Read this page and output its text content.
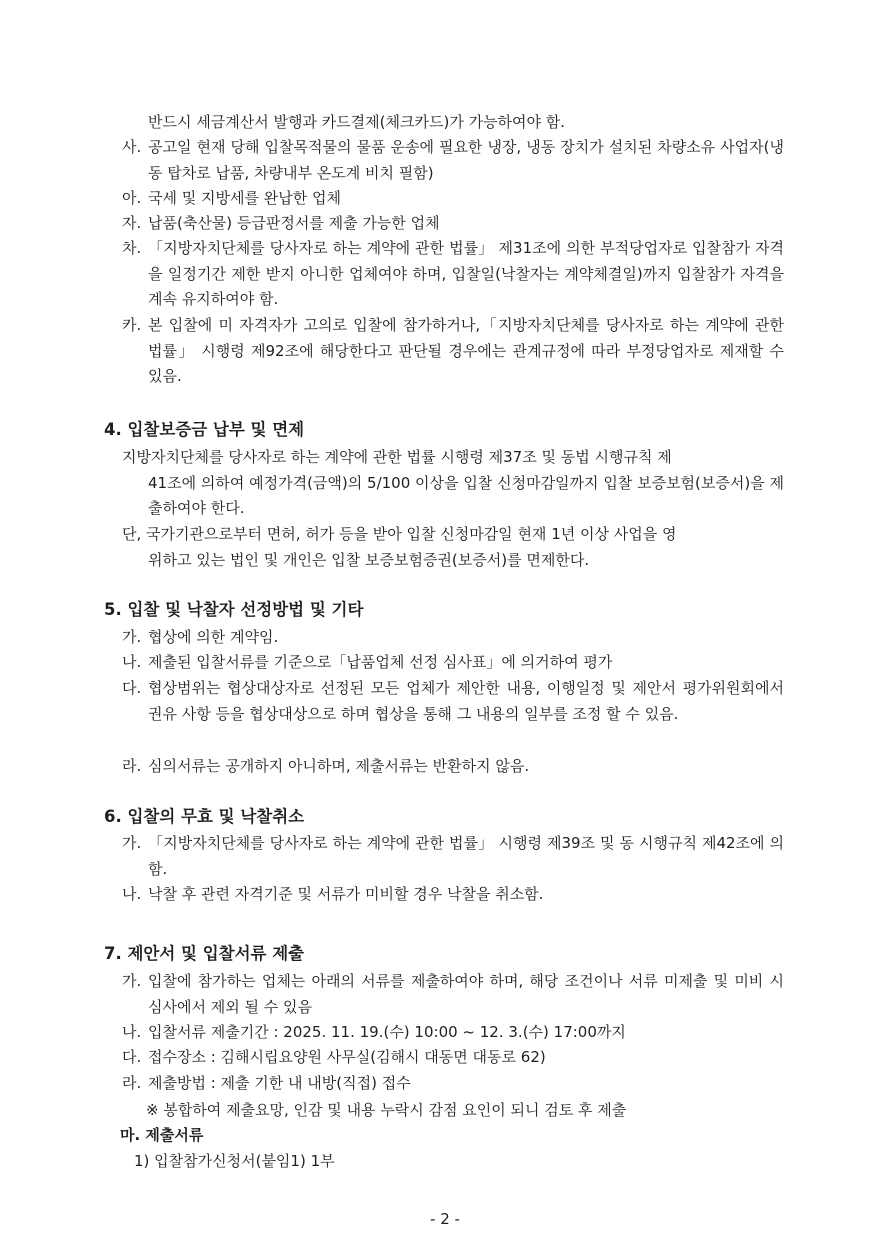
반드시 세금계산서 발행과 카드결제(체크카드)가 가능하여야 함.
사. 공고일 현재 당해 입찰목적물의 물품 운송에 필요한 냉장, 냉동 장치가 설치된 차량소유 사업자(냉동 탑차로 납품, 차량내부 온도계 비치 필함)
아. 국세 및 지방세를 완납한 업체
자. 납품(축산물) 등급판정서를 제출 가능한 업체
차. 「지방자치단체를 당사자로 하는 계약에 관한 법률」 제31조에 의한 부적당업자로 입찰참가 자격을 일정기간 제한 받지 아니한 업체여야 하며, 입찰일(낙찰자는 계약체결일)까지 입찰참가 자격을 계속 유지하여야 함.
카. 본 입찰에 미 자격자가 고의로 입찰에 참가하거나,「지방자치단체를 당사자로 하는 계약에 관한 법률」 시행령 제92조에 해당한다고 판단될 경우에는 관계규정에 따라 부정당업자로 제재할 수 있음.
4. 입찰보증금 납부 및 면제
지방자치단체를 당사자로 하는 계약에 관한 법률 시행령 제37조 및 동법 시행규칙 제
41조에 의하여 예정가격(금액)의 5/100 이상을 입찰 신청마감일까지 입찰 보증보험(보증서)을 제출하여야 한다.
단, 국가기관으로부터 면허, 허가 등을 받아 입찰 신청마감일 현재 1년 이상 사업을 영
위하고 있는 법인 및 개인은 입찰 보증보험증권(보증서)를 면제한다.
5. 입찰 및 낙찰자 선정방법 및 기타
가. 협상에 의한 계약임.
나. 제출된 입찰서류를 기준으로「납품업체 선정 심사표」에 의거하여 평가
다. 협상범위는 협상대상자로 선정된 모든 업체가 제안한 내용, 이행일정 및 제안서 평가위원회에서 권유 사항 등을 협상대상으로 하며 협상을 통해 그 내용의 일부를 조정 할 수 있음.
라. 심의서류는 공개하지 아니하며, 제출서류는 반환하지 않음.
6. 입찰의 무효 및 낙찰취소
가. 「지방자치단체를 당사자로 하는 계약에 관한 법률」 시행령 제39조 및 동 시행규칙 제42조에 의함.
나. 낙찰 후 관련 자격기준 및 서류가 미비할 경우 낙찰을 취소함.
7. 제안서 및 입찰서류 제출
가. 입찰에 참가하는 업체는 아래의 서류를 제출하여야 하며, 해당 조건이나 서류 미제출 및 미비 시 심사에서 제외 될 수 있음
나. 입찰서류 제출기간 : 2025. 11. 19.(수) 10:00 ~ 12. 3.(수) 17:00까지
다. 접수장소 : 김해시립요양원 사무실(김해시 대동면 대동로 62)
라. 제출방법 : 제출 기한 내 내방(직접) 접수
※ 봉합하여 제출요망, 인감 및 내용 누락시 감점 요인이 되니 검토 후 제출
마. 제출서류
1) 입찰참가신청서(붙임1) 1부
- 2 -
